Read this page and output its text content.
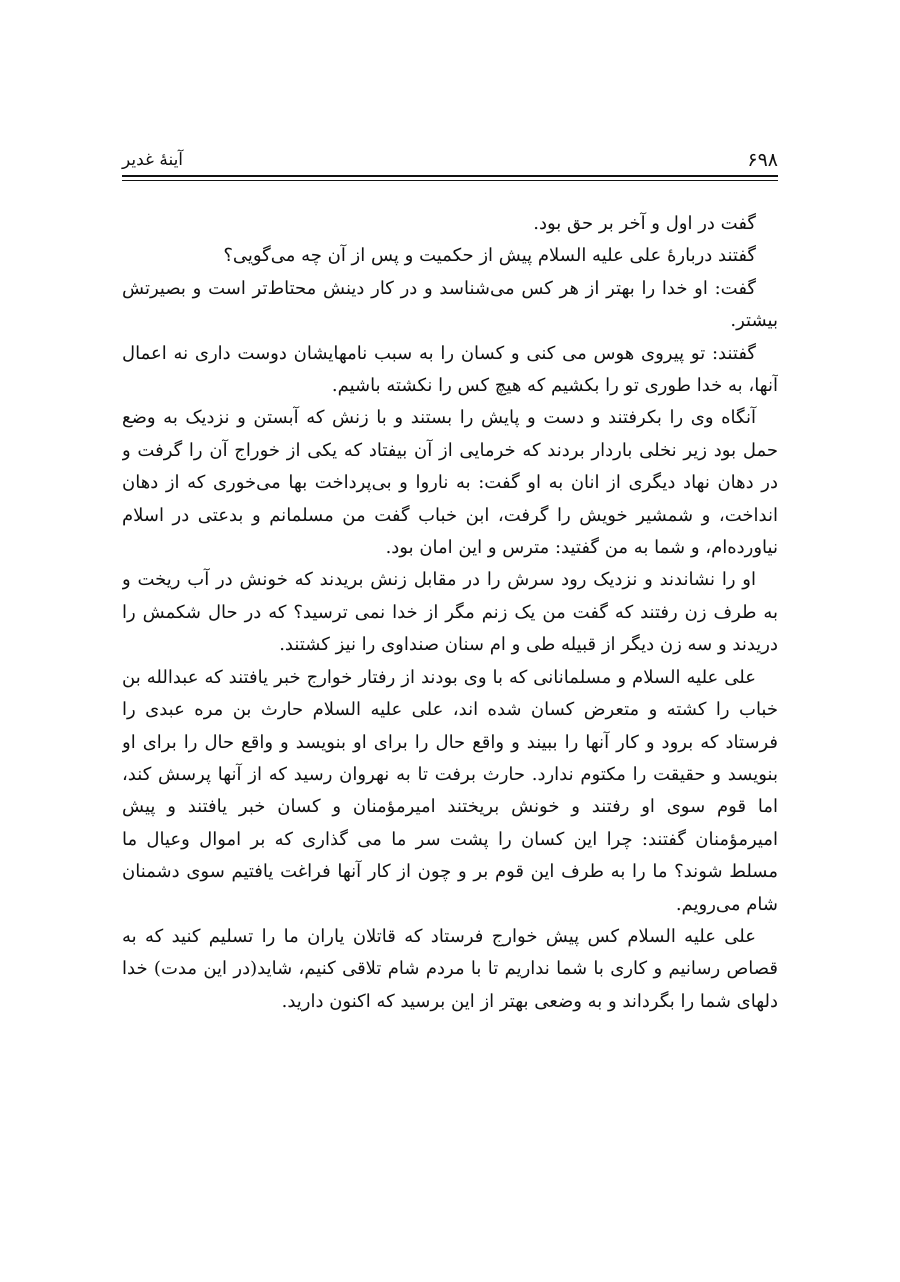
۶۹۸
آینۀ غدیر

گفت در اول و آخر بر حق بود.

گفتند دربارۀ علی علیه السلام پیش از حکمیت و پس از آن چه می‌گویی؟

گفت: او خدا را بهتر از هر کس می‌شناسد و در کار دینش محتاط‌تر است و بصیرتش بیشتر.

گفتند: تو پیروی هوس می کنی و کسان را به سبب نامهایشان دوست داری نه اعمال آنها، به خدا طوری تو را بکشیم که هیچ کس را نکشته باشیم.

آنگاه وی را بکرفتند و دست و پایش را بستند و با زنش که آبستن و نزدیک به وضع حمل بود زیر نخلی باردار بردند که خرمایی از آن بیفتاد که یکی از خوراج آن را گرفت و در دهان نهاد دیگری از انان به او گفت: به ناروا و بی‌پرداخت بها می‌خوری که از دهان انداخت، و شمشیر خویش را گرفت، ابن خباب گفت من مسلمانم و بدعتی در اسلام نیاورده‌ام، و شما به من گفتید: مترس و این امان بود.

او را نشاندند و نزدیک رود سرش را در مقابل زنش بریدند که خونش در آب ریخت و به طرف زن رفتند که گفت من یک زنم مگر از خدا نمی ترسید؟ که در حال شکمش را دریدند و سه زن دیگر از قبیله طی و ام سنان صنداوی را نیز کشتند.

علی علیه السلام و مسلمانانی که با وی بودند از رفتار خوارج خبر یافتند که عبدالله بن خباب را کشته و متعرض کسان شده اند، علی علیه السلام حارث بن مره عبدی را فرستاد که برود و کار آنها را ببیند و واقع حال را برای او بنویسد و واقع حال را برای او بنویسد و حقیقت را مکتوم ندارد. حارث برفت تا به نهروان رسید که از آنها پرسش کند، اما قوم سوی او رفتند و خونش بریختند امیرمؤمنان و کسان خبر یافتند و پیش امیرمؤمنان گفتند: چرا این کسان را پشت سر ما می گذاری که بر اموال وعیال ما مسلط شوند؟ ما را به طرف این قوم بر و چون از کار آنها فراغت یافتیم سوی دشمنان شام می‌رویم.

علی علیه السلام کس پیش خوارج فرستاد که قاتلان یاران ما را تسلیم کنید که به قصاص رسانیم و کاری با شما نداریم تا با مردم شام تلاقی کنیم، شاید(در این مدت) خدا دلهای شما را بگرداند و به وضعی بهتر از این برسید که اکنون دارید.
